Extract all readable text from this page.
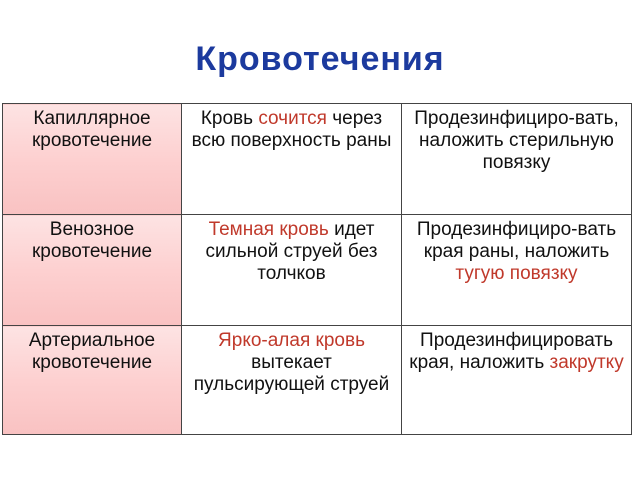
Кровотечения
Капиллярное кровотечение	Кровь сочится через всю поверхность раны	Продезинфициро-вать, наложить стерильную повязку
Венозное кровотечение	Темная кровь идет сильной струей без толчков	Продезинфициро-вать края раны, наложить тугую повязку
Артериальное кровотечение	Ярко-алая кровь вытекает пульсирующей струей	Продезинфицировать края, наложить закрутку
